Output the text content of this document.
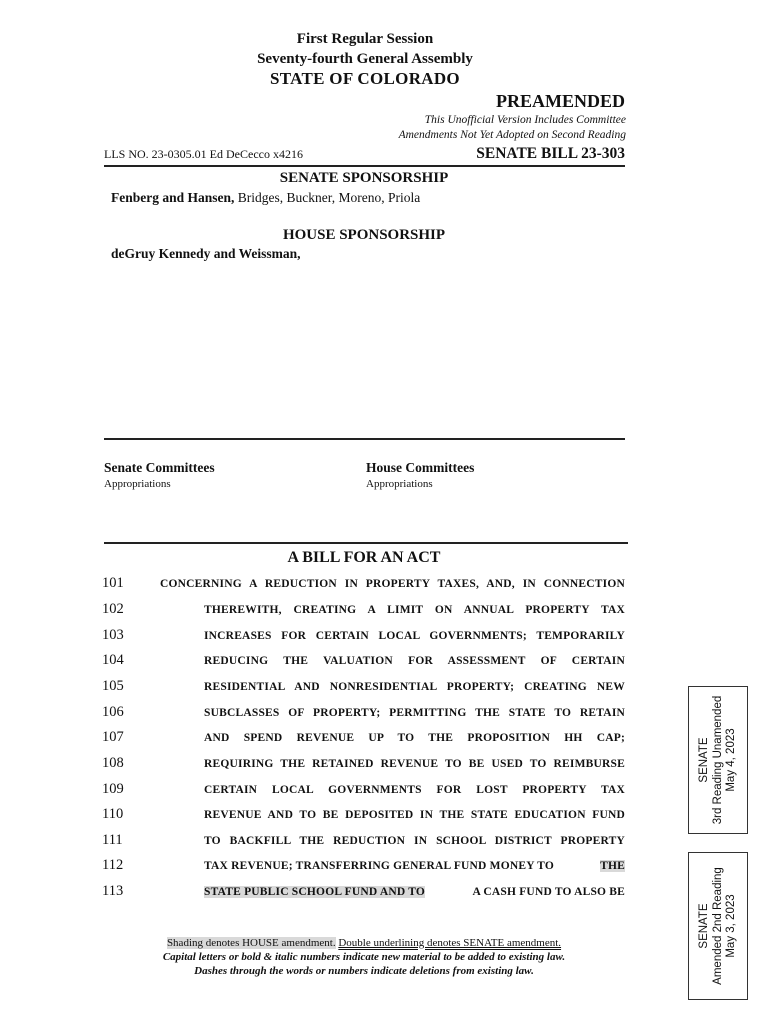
First Regular Session
Seventy-fourth General Assembly
STATE OF COLORADO
PREAMENDED
This Unofficial Version Includes Committee
Amendments Not Yet Adopted on Second Reading
LLS NO. 23-0305.01 Ed DeCecco x4216	SENATE BILL 23-303
SENATE SPONSORSHIP
Fenberg and Hansen, Bridges, Buckner, Moreno, Priola
HOUSE SPONSORSHIP
deGruy Kennedy and Weissman,
Senate Committees
Appropriations
House Committees
Appropriations
A BILL FOR AN ACT
101	CONCERNING A REDUCTION IN PROPERTY TAXES, AND, IN CONNECTION
102	THEREWITH, CREATING A LIMIT ON ANNUAL PROPERTY TAX
103	INCREASES FOR CERTAIN LOCAL GOVERNMENTS; TEMPORARILY
104	REDUCING THE VALUATION FOR ASSESSMENT OF CERTAIN
105	RESIDENTIAL AND NONRESIDENTIAL PROPERTY; CREATING NEW
106	SUBCLASSES OF PROPERTY; PERMITTING THE STATE TO RETAIN
107	AND SPEND REVENUE UP TO THE PROPOSITION HH CAP;
108	REQUIRING THE RETAINED REVENUE TO BE USED TO REIMBURSE
109	CERTAIN LOCAL GOVERNMENTS FOR LOST PROPERTY TAX
110	REVENUE AND TO BE DEPOSITED IN THE STATE EDUCATION FUND
111	TO BACKFILL THE REDUCTION IN SCHOOL DISTRICT PROPERTY
112	TAX REVENUE; TRANSFERRING GENERAL FUND MONEY TO	THE
113	STATE PUBLIC SCHOOL FUND AND TO	A CASH FUND TO ALSO BE
Shading denotes HOUSE amendment. Double underlining denotes SENATE amendment.
Capital letters or bold & italic numbers indicate new material to be added to existing law.
Dashes through the words or numbers indicate deletions from existing law.
SENATE 3rd Reading Unamended May 4, 2023
SENATE Amended 2nd Reading May 3, 2023
